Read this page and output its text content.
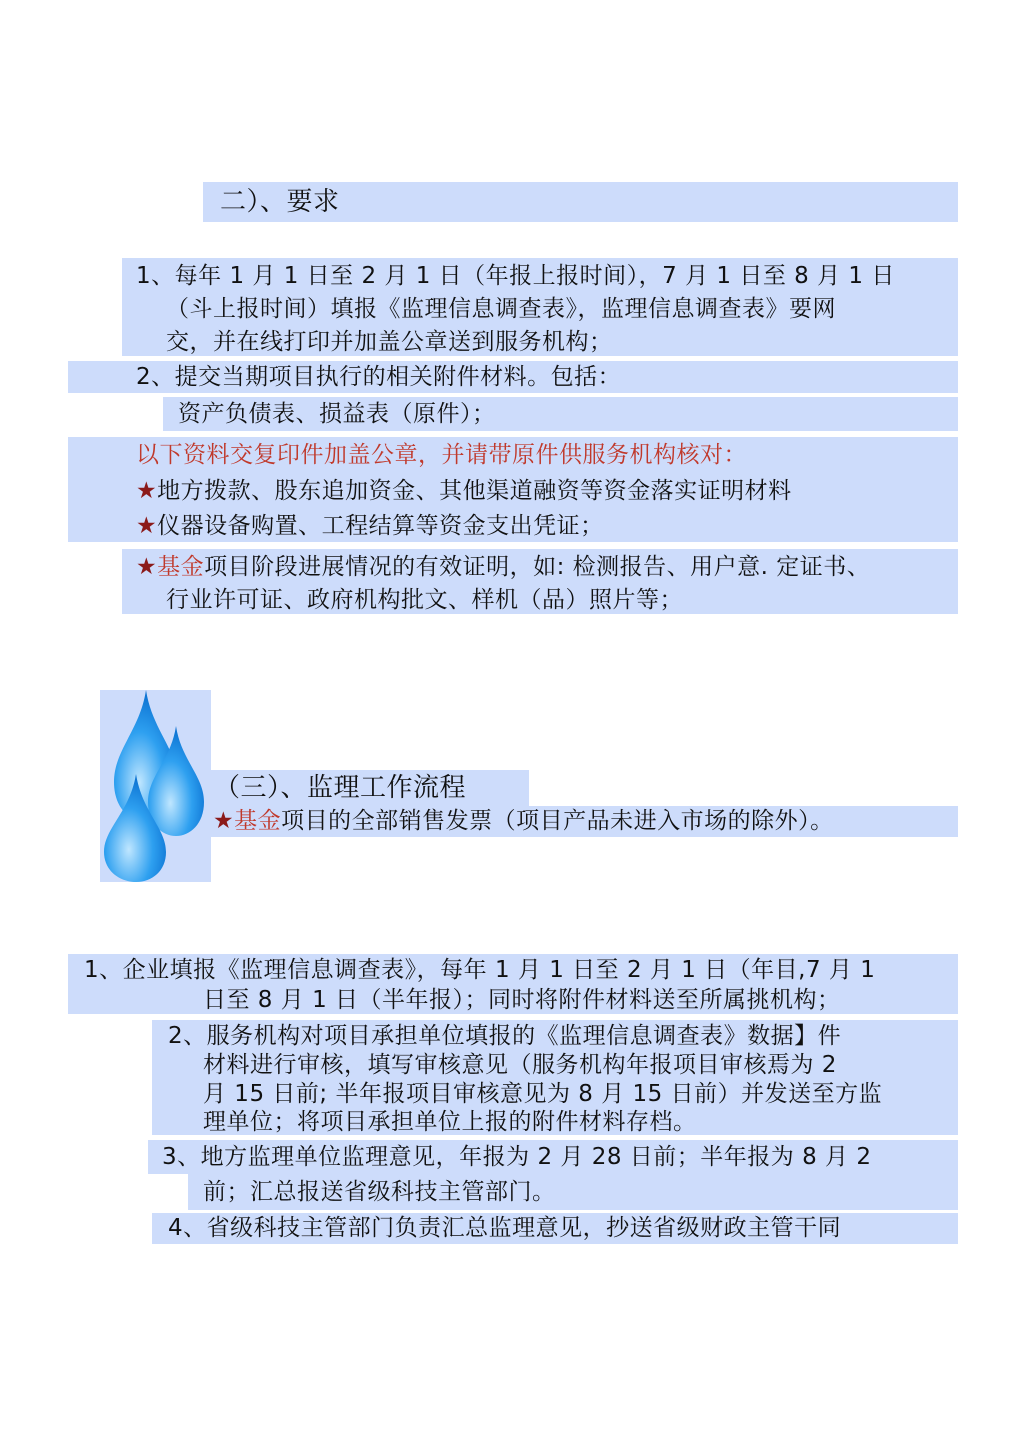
二）、要求
1、每年 1 月 1 日至 2 月 1 日（年报上报时间），7 月 1 日至 8 月 1 日
（斗上报时间）填报《监理信息调查表》，监理信息调查表》要网
交，并在线打印并加盖公章送到服务机构；
2、提交当期项目执行的相关附件材料。包括：
资产负债表、损益表（原件）；
以下资料交复印件加盖公章，并请带原件供服务机构核对：
★地方拨款、股东追加资金、其他渠道融资等资金落实证明材料
★仪器设备购置、工程结算等资金支出凭证；
★基金项目阶段进展情况的有效证明，如: 检测报告、用户意. 定证书、
行业许可证、政府机构批文、样机（品）照片等；
（三）、监理工作流程
★基金项目的全部销售发票（项目产品未进入市场的除外）。
1、企业填报《监理信息调查表》，每年 1 月 1 日至 2 月 1 日（年目,7 月 1
日至 8 月 1 日（半年报）；同时将附件材料送至所属挑机构；
2、服务机构对项目承担单位填报的《监理信息调查表》数据】件
材料进行审核，填写审核意见（服务机构年报项目审核焉为 2
月 15 日前; 半年报项目审核意见为 8 月 15 日前）并发送至方监
理单位；将项目承担单位上报的附件材料存档。
3、地方监理单位监理意见，年报为 2 月 28 日前；半年报为 8 月 2
前；汇总报送省级科技主管部门。
4、省级科技主管部门负责汇总监理意见，抄送省级财政主管干同
